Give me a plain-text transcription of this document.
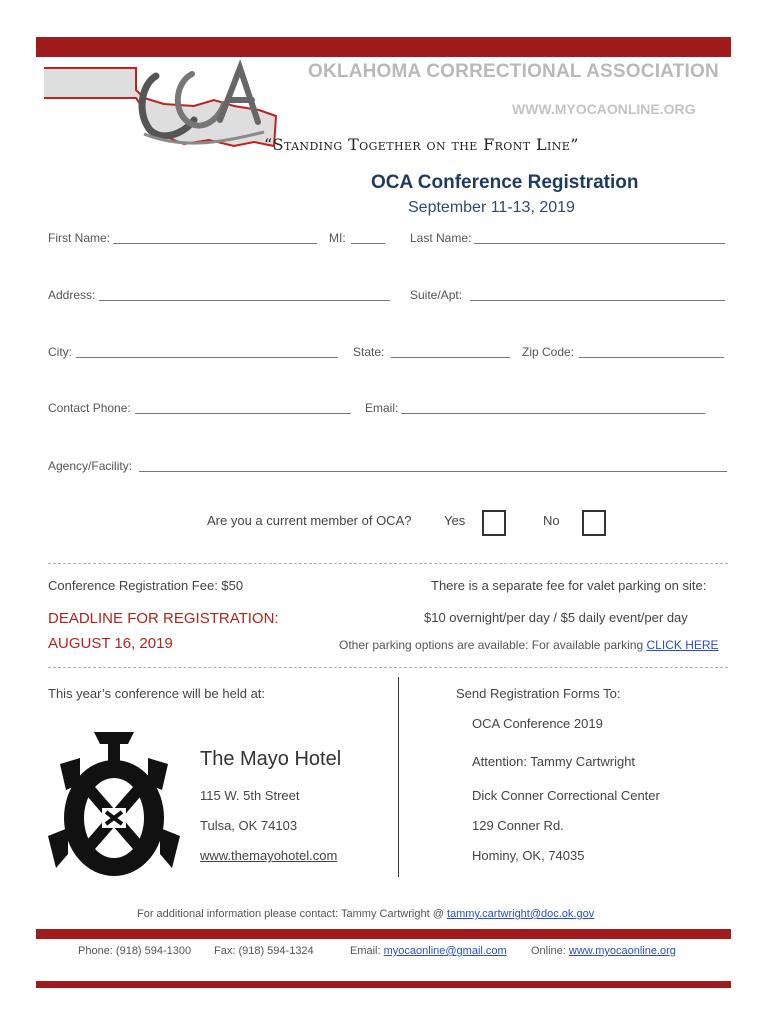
OKLAHOMA CORRECTIONAL ASSOCIATION
WWW.MYOCAONLINE.ORG
“Standing Together on the Front Line”
OCA Conference Registration
September 11-13, 2019
First Name:	MI:	Last Name:
Address:	Suite/Apt:
City:	State:	Zip Code:
Contact Phone:	Email:
Agency/Facility:
Are you a current member of OCA?	Yes	No
Conference Registration Fee: $50
DEADLINE FOR REGISTRATION:
AUGUST 16, 2019
There is a separate fee for valet parking on site:
$10 overnight/per day / $5 daily event/per day
Other parking options are available: For available parking CLICK HERE
This year’s conference will be held at:
The Mayo Hotel
115 W. 5th Street
Tulsa, OK 74103
www.themayohotel.com
Send Registration Forms To:
OCA Conference 2019
Attention: Tammy Cartwright
Dick Conner Correctional Center
129 Conner Rd.
Hominy, OK, 74035
For additional information please contact: Tammy Cartwright @ tammy.cartwright@doc.ok.gov
Phone: (918) 594-1300 Fax: (918) 594-1324	Email: myocaonline@gmail.com Online: www.myocaonline.org
